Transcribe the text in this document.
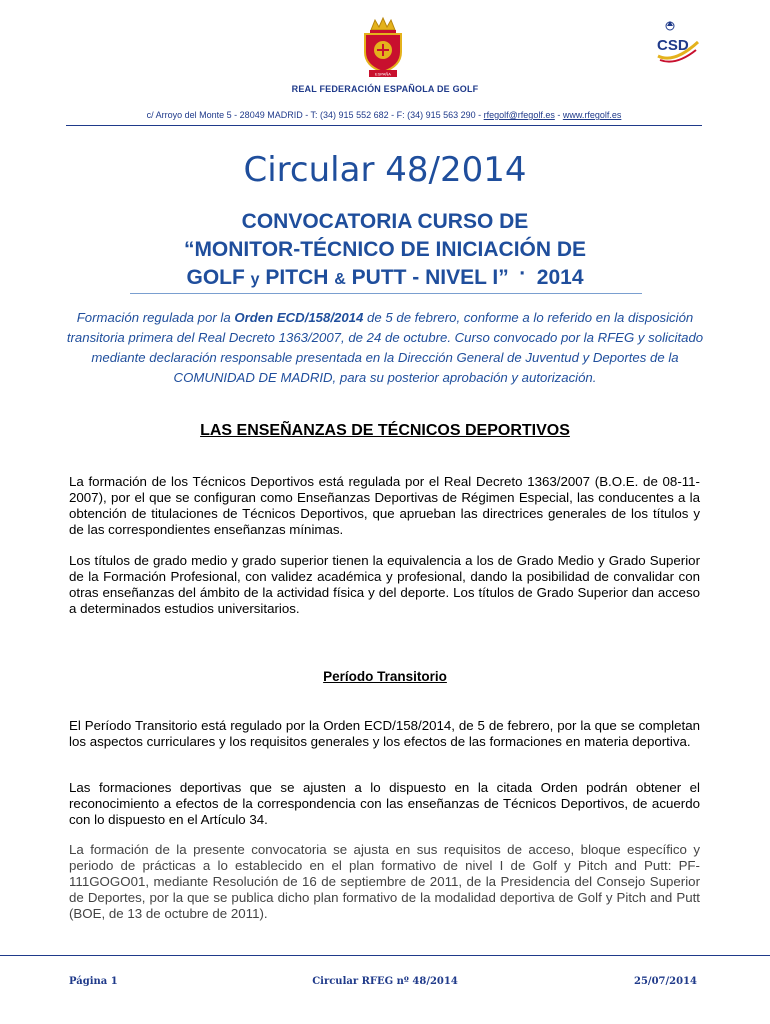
ESPAÑA
CSD
REAL FEDERACIÓN ESPAÑOLA DE GOLF
c/ Arroyo del Monte 5 - 28049 MADRID - T: (34) 915 552 682 - F: (34) 915 563 290 - rfegolf@rfegolf.es - www.rfegolf.es
Circular 48/2014
CONVOCATORIA CURSO DE
“MONITOR-TÉCNICO DE INICIACIÓN DE
GOLF y PITCH & PUTT - NIVEL I” · 2014
Formación regulada por la Orden ECD/158/2014 de 5 de febrero, conforme a lo referido en la disposición transitoria primera del Real Decreto 1363/2007, de 24 de octubre. Curso convocado por la RFEG y solicitado mediante declaración responsable presentada en la Dirección General de Juventud y Deportes de la COMUNIDAD DE MADRID, para su posterior aprobación y autorización.
LAS ENSEÑANZAS DE TÉCNICOS DEPORTIVOS
La formación de los Técnicos Deportivos está regulada por el Real Decreto 1363/2007 (B.O.E. de 08-11-2007), por el que se configuran como Enseñanzas Deportivas de Régimen Especial, las conducentes a la obtención de titulaciones de Técnicos Deportivos, que aprueban las directrices generales de los títulos y de las correspondientes enseñanzas mínimas.
Los títulos de grado medio y grado superior tienen la equivalencia a los de Grado Medio y Grado Superior de la Formación Profesional, con validez académica y profesional, dando la posibilidad de convalidar con otras enseñanzas del ámbito de la actividad física y del deporte. Los títulos de Grado Superior dan acceso a determinados estudios universitarios.
Período Transitorio
El Período Transitorio está regulado por la Orden ECD/158/2014, de 5 de febrero, por la que se completan los aspectos curriculares y los requisitos generales y los efectos de las formaciones en materia deportiva.
Las formaciones deportivas que se ajusten a lo dispuesto en la citada Orden podrán obtener el reconocimiento a efectos de la correspondencia con las enseñanzas de Técnicos Deportivos, de acuerdo con lo dispuesto en el Artículo 34.
La formación de la presente convocatoria se ajusta en sus requisitos de acceso, bloque específico y periodo de prácticas a lo establecido en el plan formativo de nivel I de Golf y Pitch and Putt: PF-111GOGO01, mediante Resolución de 16 de septiembre de 2011, de la Presidencia del Consejo Superior de Deportes, por la que se publica dicho plan formativo de la modalidad deportiva de Golf y Pitch and Putt (BOE, de 13 de octubre de 2011).
Página 1	Circular RFEG nº 48/2014	25/07/2014
